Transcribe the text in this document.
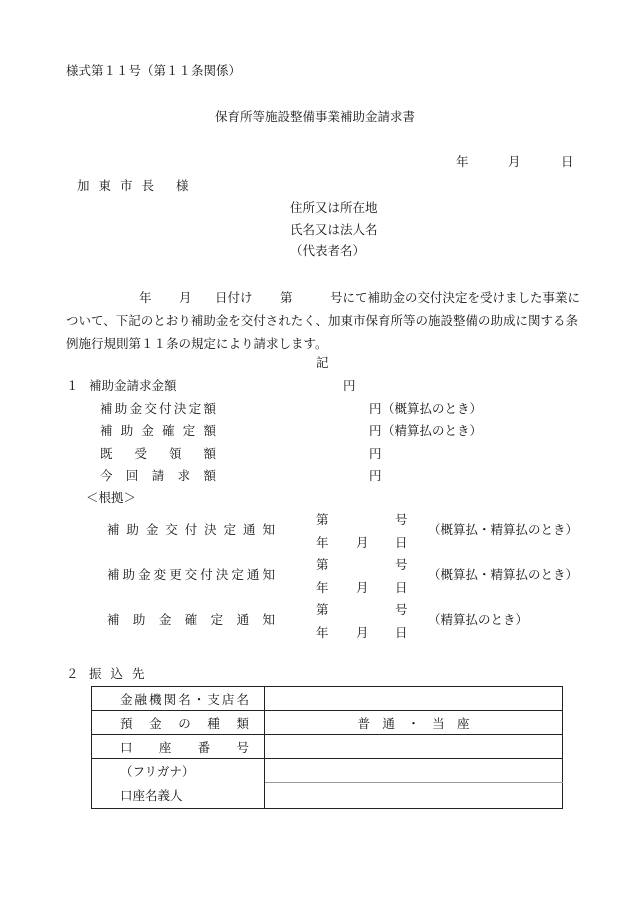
様式第１１号（第１１条関係）
保育所等施設整備事業補助金請求書
年	月	日
加東市長 様
住所又は所在地
氏名又は法人名
（代表者名）
年 月 日付け 第	号にて補助金の交付決定を受けました事業に
ついて、下記のとおり補助金を交付されたく、加東市保育所等の施設整備の助成に関する条
例施行規則第１１条の規定により請求します。
記
１ 補助金請求金額	円
補助金交付決定額	円 （概算払のとき）
補助金確定額	円 （精算払のとき）
既受領額	円
今回請求額	円
＜根拠＞
補助金交付決定通知
第	号
年 月 日
（概算払・精算払のとき）
補助金変更交付決定通知
第	号
年 月 日
（概算払・精算払のとき）
補助金確定通知
第	号
年 月 日
（精算払のとき）
２ 振込先
金融機関名・支店名	

預金の種類	普 通 ・ 当 座

口座番号	

（フリガナ）
口座名義人	
